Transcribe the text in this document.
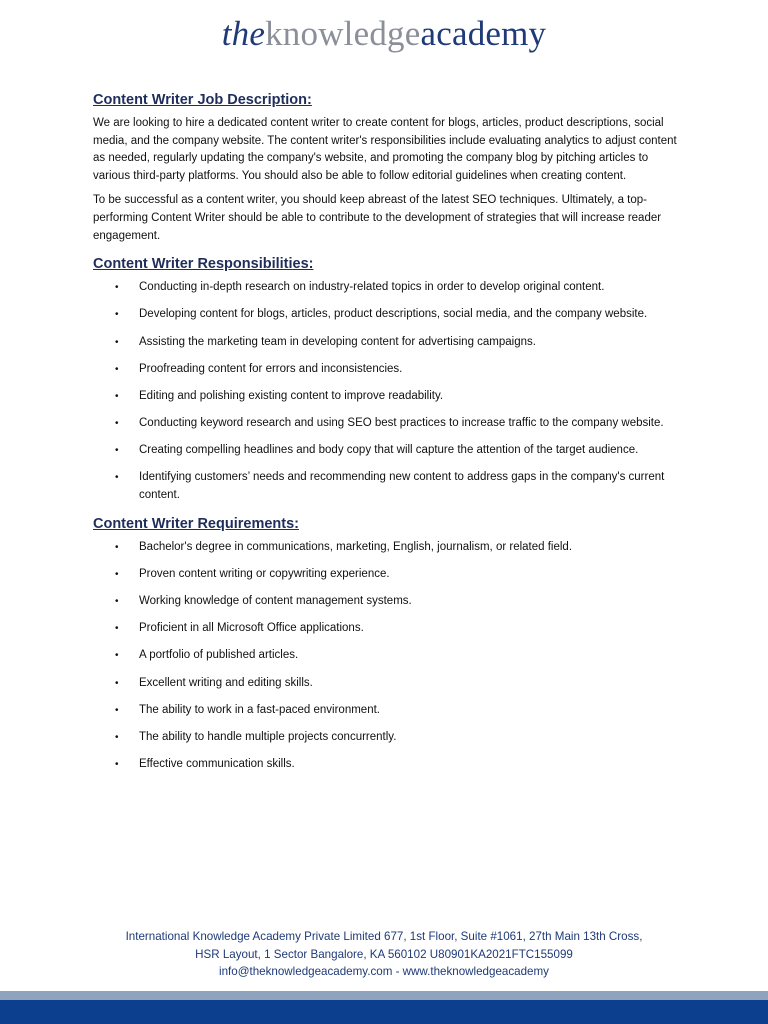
theknowledgeacademy
Content Writer Job Description:

We are looking to hire a dedicated content writer to create content for blogs, articles, product descriptions, social media, and the company website. The content writer's responsibilities include evaluating analytics to adjust content as needed, regularly updating the company's website, and promoting the company blog by pitching articles to various third-party platforms. You should also be able to follow editorial guidelines when creating content.

To be successful as a content writer, you should keep abreast of the latest SEO techniques. Ultimately, a top-performing Content Writer should be able to contribute to the development of strategies that will increase reader engagement.

Content Writer Responsibilities:
• Conducting in-depth research on industry-related topics in order to develop original content.
• Developing content for blogs, articles, product descriptions, social media, and the company website.
• Assisting the marketing team in developing content for advertising campaigns.
• Proofreading content for errors and inconsistencies.
• Editing and polishing existing content to improve readability.
• Conducting keyword research and using SEO best practices to increase traffic to the company website.
• Creating compelling headlines and body copy that will capture the attention of the target audience.
• Identifying customers’ needs and recommending new content to address gaps in the company's current content.
Content Writer Requirements:
• Bachelor's degree in communications, marketing, English, journalism, or related field.
• Proven content writing or copywriting experience.
• Working knowledge of content management systems.
• Proficient in all Microsoft Office applications.
• A portfolio of published articles.
• Excellent writing and editing skills.
• The ability to work in a fast-paced environment.
• The ability to handle multiple projects concurrently.
• Effective communication skills.
International Knowledge Academy Private Limited 677, 1st Floor, Suite #1061, 27th Main 13th Cross,
HSR Layout, 1 Sector Bangalore, KA 560102 U80901KA2021FTC155099
info@theknowledgeacademy.com - www.theknowledgeacademy
